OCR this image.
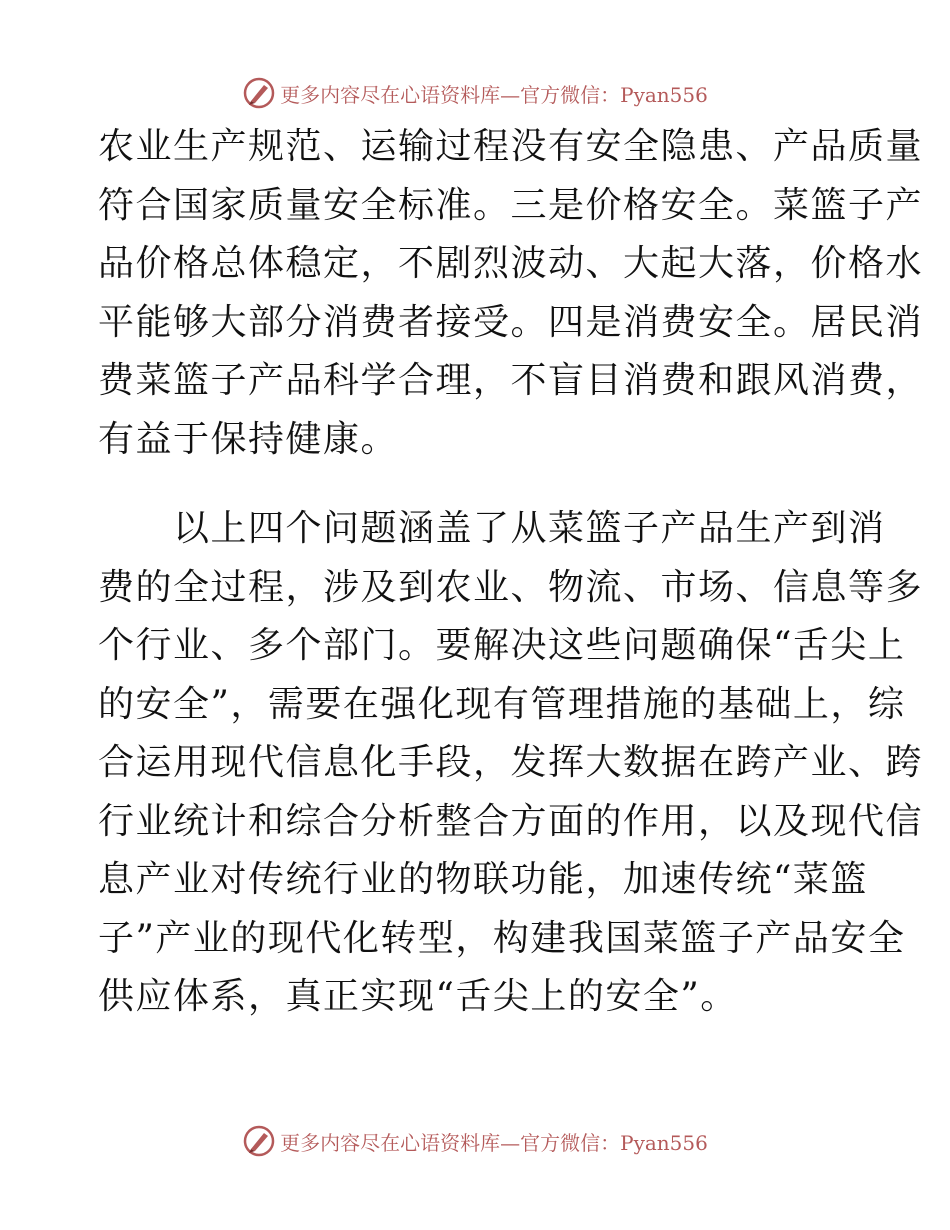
更多内容尽在心语资料库—官方微信：Pyan556
农业生产规范、运输过程没有安全隐患、产品质量
符合国家质量安全标准。三是价格安全。菜篮子产
品价格总体稳定，不剧烈波动、大起大落，价格水
平能够大部分消费者接受。四是消费安全。居民消
费菜篮子产品科学合理，不盲目消费和跟风消费，
有益于保持健康。
　　以上四个问题涵盖了从菜篮子产品生产到消
费的全过程，涉及到农业、物流、市场、信息等多
个行业、多个部门。要解决这些问题确保“舌尖上
的安全”，需要在强化现有管理措施的基础上，综
合运用现代信息化手段，发挥大数据在跨产业、跨
行业统计和综合分析整合方面的作用，以及现代信
息产业对传统行业的物联功能，加速传统“菜篮
子”产业的现代化转型，构建我国菜篮子产品安全
供应体系，真正实现“舌尖上的安全”。
更多内容尽在心语资料库—官方微信：Pyan556
